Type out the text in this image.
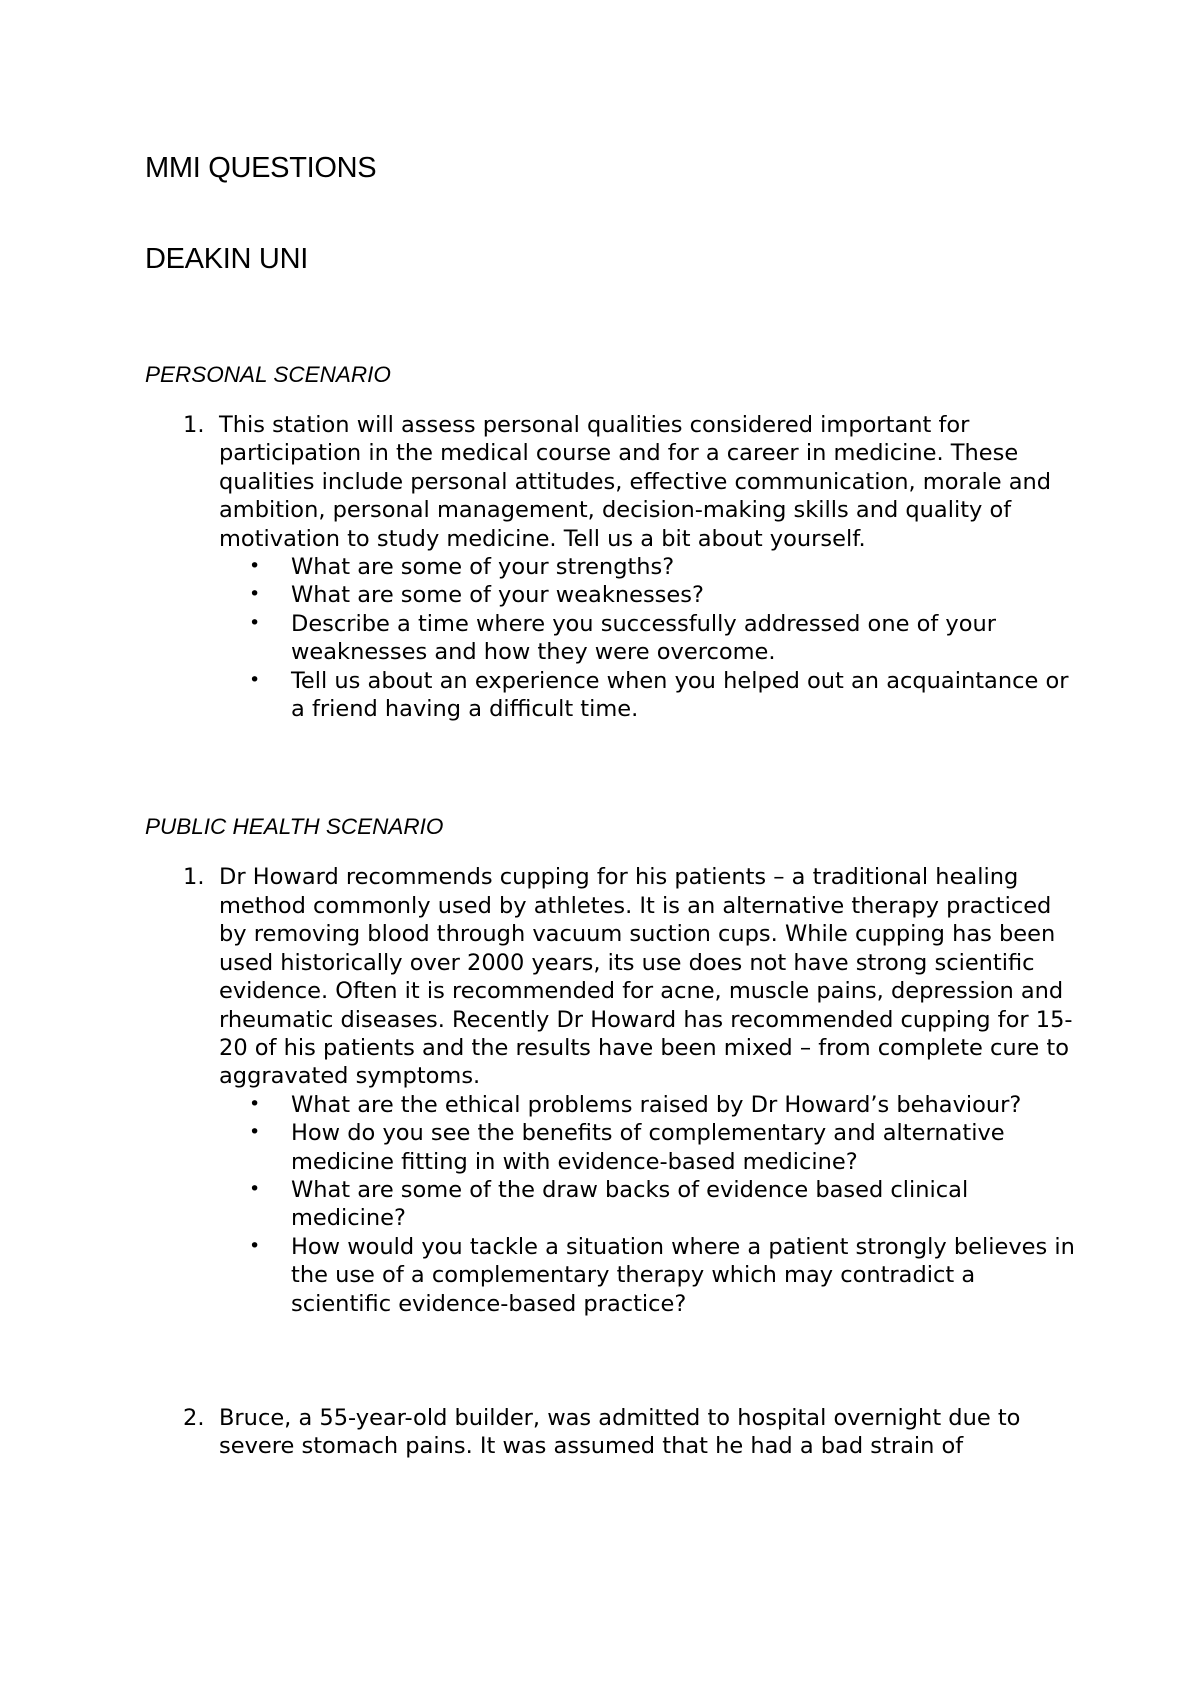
MMI QUESTIONS
DEAKIN UNI

PERSONAL SCENARIO

1. This station will assess personal qualities considered important for participation in the medical course and for a career in medicine. These qualities include personal attitudes, effective communication, morale and ambition, personal management, decision-making skills and quality of motivation to study medicine. Tell us a bit about yourself.
• What are some of your strengths?
• What are some of your weaknesses?
• Describe a time where you successfully addressed one of your weaknesses and how they were overcome.
• Tell us about an experience when you helped out an acquaintance or a friend having a difficult time.

PUBLIC HEALTH SCENARIO

1. Dr Howard recommends cupping for his patients – a traditional healing method commonly used by athletes. It is an alternative therapy practiced by removing blood through vacuum suction cups. While cupping has been used historically over 2000 years, its use does not have strong scientific evidence. Often it is recommended for acne, muscle pains, depression and rheumatic diseases. Recently Dr Howard has recommended cupping for 15-20 of his patients and the results have been mixed – from complete cure to aggravated symptoms.
• What are the ethical problems raised by Dr Howard’s behaviour?
• How do you see the benefits of complementary and alternative medicine fitting in with evidence-based medicine?
• What are some of the draw backs of evidence based clinical medicine?
• How would you tackle a situation where a patient strongly believes in the use of a complementary therapy which may contradict a scientific evidence-based practice?
2. Bruce, a 55-year-old builder, was admitted to hospital overnight due to severe stomach pains. It was assumed that he had a bad strain of
